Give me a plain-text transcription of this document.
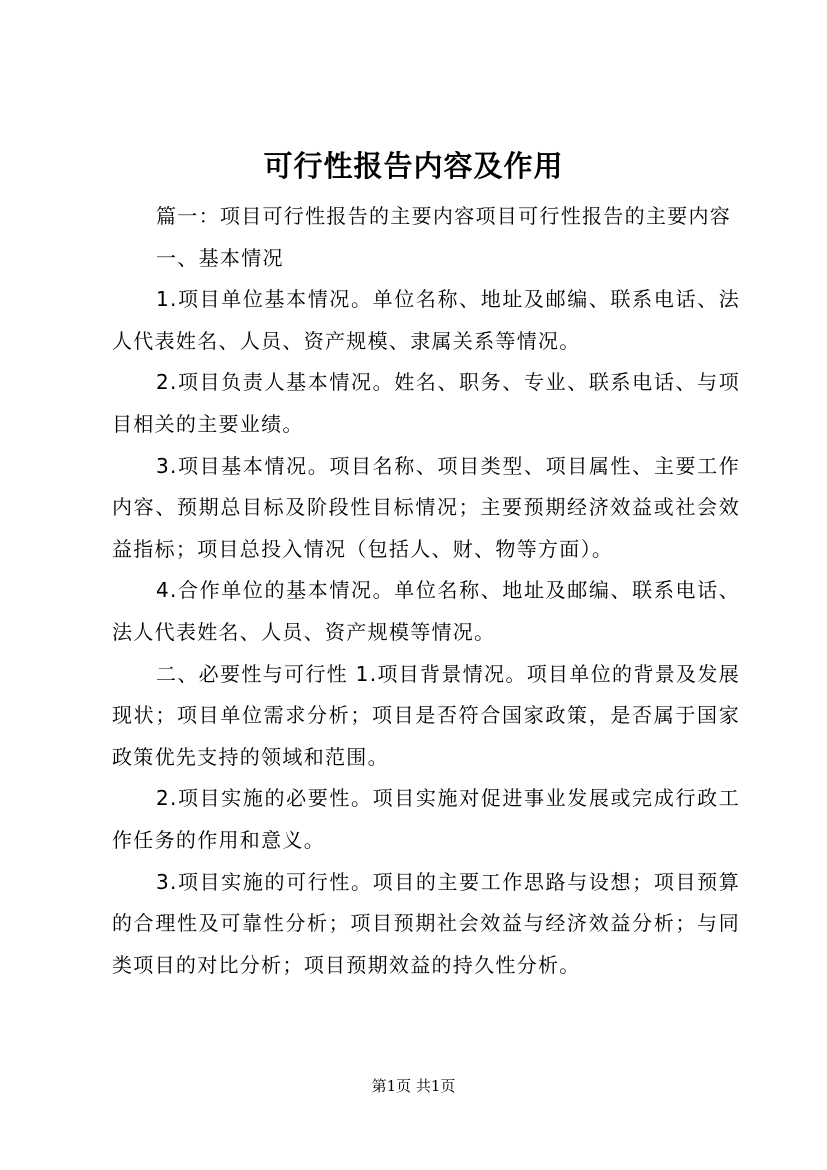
可行性报告内容及作用

篇一：项目可行性报告的主要内容项目可行性报告的主要内容

一、基本情况

1.项目单位基本情况。单位名称、地址及邮编、联系电话、法人代表姓名、人员、资产规模、隶属关系等情况。

2.项目负责人基本情况。姓名、职务、专业、联系电话、与项目相关的主要业绩。

3.项目基本情况。项目名称、项目类型、项目属性、主要工作内容、预期总目标及阶段性目标情况；主要预期经济效益或社会效益指标；项目总投入情况（包括人、财、物等方面）。

4.合作单位的基本情况。单位名称、地址及邮编、联系电话、法人代表姓名、人员、资产规模等情况。

二、必要性与可行性 1.项目背景情况。项目单位的背景及发展现状；项目单位需求分析；项目是否符合国家政策，是否属于国家政策优先支持的领域和范围。

2.项目实施的必要性。项目实施对促进事业发展或完成行政工作任务的作用和意义。

3.项目实施的可行性。项目的主要工作思路与设想；项目预算的合理性及可靠性分析；项目预期社会效益与经济效益分析；与同类项目的对比分析；项目预期效益的持久性分析。

第1页 共1页
